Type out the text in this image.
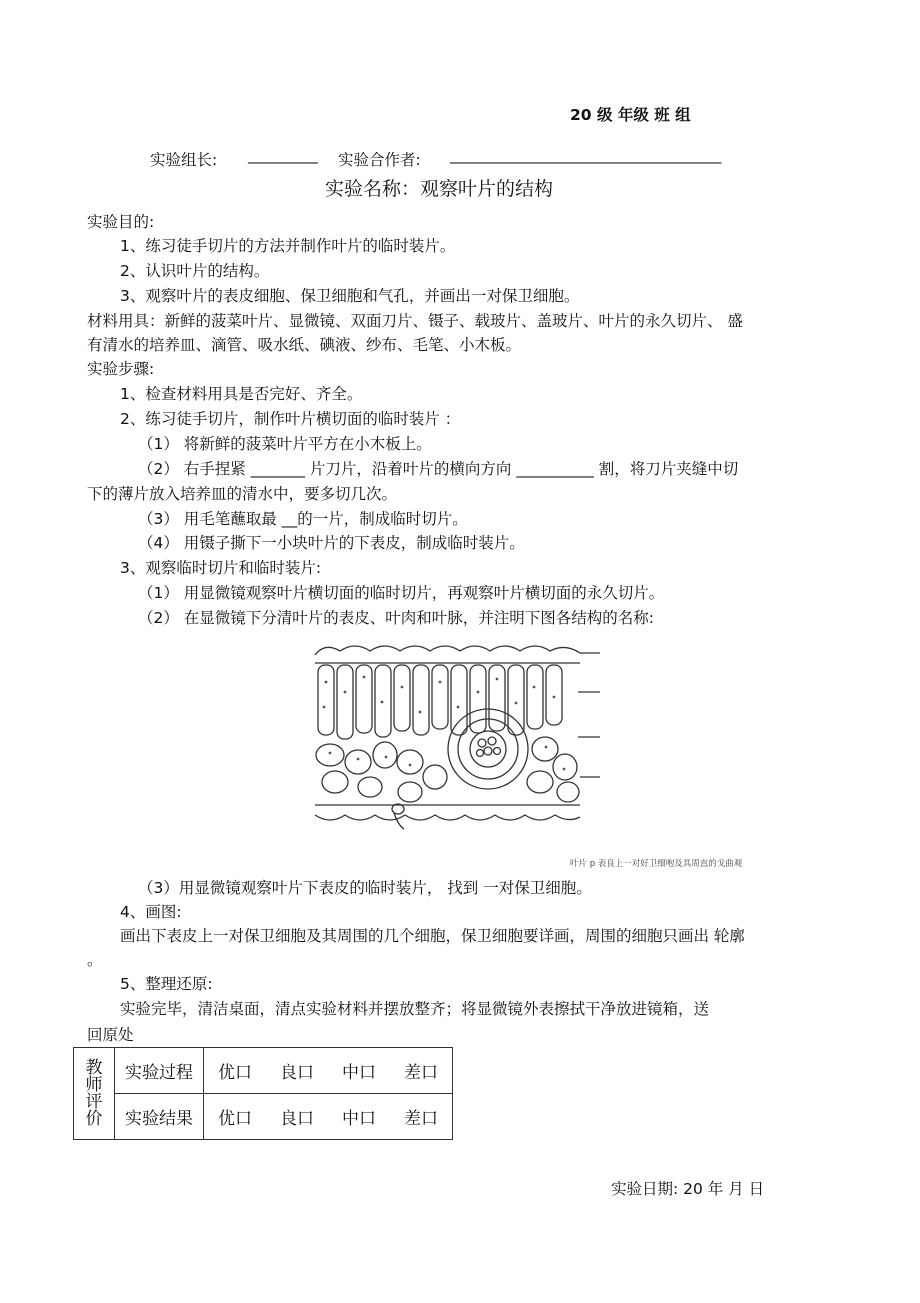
20 级 年级 班 组
实验组长: _________ 实验合作者: ___________________________________
实验名称：观察叶片的结构
实验目的:
1、练习徒手切片的方法并制作叶片的临时装片。
2、认识叶片的结构。
3、观察叶片的表皮细胞、保卫细胞和气孔，并画出一对保卫细胞。
材料用具：新鲜的菠菜叶片、显微镜、双面刀片、镊子、载玻片、盖玻片、叶片的永久切片、 盛
有清水的培养皿、滴管、吸水纸、碘液、纱布、毛笔、小木板。
实验步骤:
1、检查材料用具是否完好、齐全。
2、练习徒手切片，制作叶片横切面的临时装片 ：
（1） 将新鲜的菠菜叶片平方在小木板上。
（2） 右手捏紧 _______ 片刀片，沿着叶片的横向方向 __________ 割，将刀片夹缝中切
下的薄片放入培养皿的清水中，要多切几次。
（3） 用毛笔蘸取最 __的一片，制成临时切片。
（4） 用镊子撕下一小块叶片的下表皮，制成临时装片。
3、观察临时切片和临时装片:
（1） 用显微镜观察叶片横切面的临时切片，再观察叶片横切面的永久切片。
（2） 在显微镜下分清叶片的表皮、叶肉和叶脉，并注明下图各结构的名称:
叶片 p 表良上一对好卫细咆及具周直的戈曲观
（3）用显微镜观察叶片下表皮的临时装片， 找到 一对保卫细胞。
4、画图:
画出下表皮上一对保卫细胞及其周围的几个细胞，保卫细胞要详画，周围的细胞只画出 轮廓
。
5、整理还原:
实验完毕，清洁桌面，清点实验材料并摆放整齐；将显微镜外表擦拭干净放进镜箱，送
回原处
教
师
评
价	实验过程	优口 良口 中口 差口
	实验结果	优口 良口 中口 差口
实验日期: 20 年 月 日
